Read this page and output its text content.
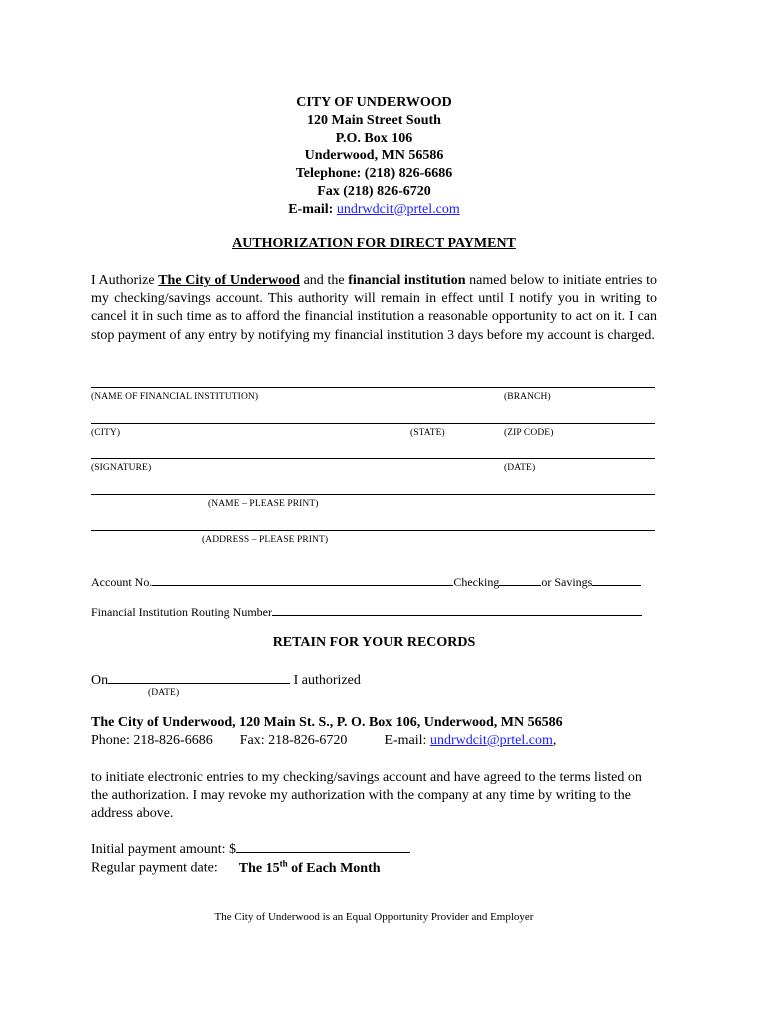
CITY OF UNDERWOOD
120 Main Street South
P.O. Box 106
Underwood, MN 56586
Telephone: (218) 826-6686
Fax (218) 826-6720
E-mail: undrwdcit@prtel.com
AUTHORIZATION FOR DIRECT PAYMENT
I Authorize The City of Underwood and the financial institution named below to initiate entries to my checking/savings account. This authority will remain in effect until I notify you in writing to cancel it in such time as to afford the financial institution a reasonable opportunity to act on it. I can stop payment of any entry by notifying my financial institution 3 days before my account is charged.
(NAME OF FINANCIAL INSTITUTION)	(BRANCH)
(CITY)	(STATE)	(ZIP CODE)
(SIGNATURE)	(DATE)
(NAME – PLEASE PRINT)
(ADDRESS – PLEASE PRINT)
Account No.	Checking	or Savings
Financial Institution Routing Number
RETAIN FOR YOUR RECORDS
On	I authorized
(DATE)
The City of Underwood, 120 Main St. S., P. O. Box 106, Underwood, MN 56586
Phone: 218-826-6686 Fax: 218-826-6720	E-mail: undrwdcit@prtel.com,
to initiate electronic entries to my checking/savings account and have agreed to the terms listed on the authorization. I may revoke my authorization with the company at any time by writing to the address above.
Initial payment amount: $
Regular payment date: The 15th of Each Month
The City of Underwood is an Equal Opportunity Provider and Employer
